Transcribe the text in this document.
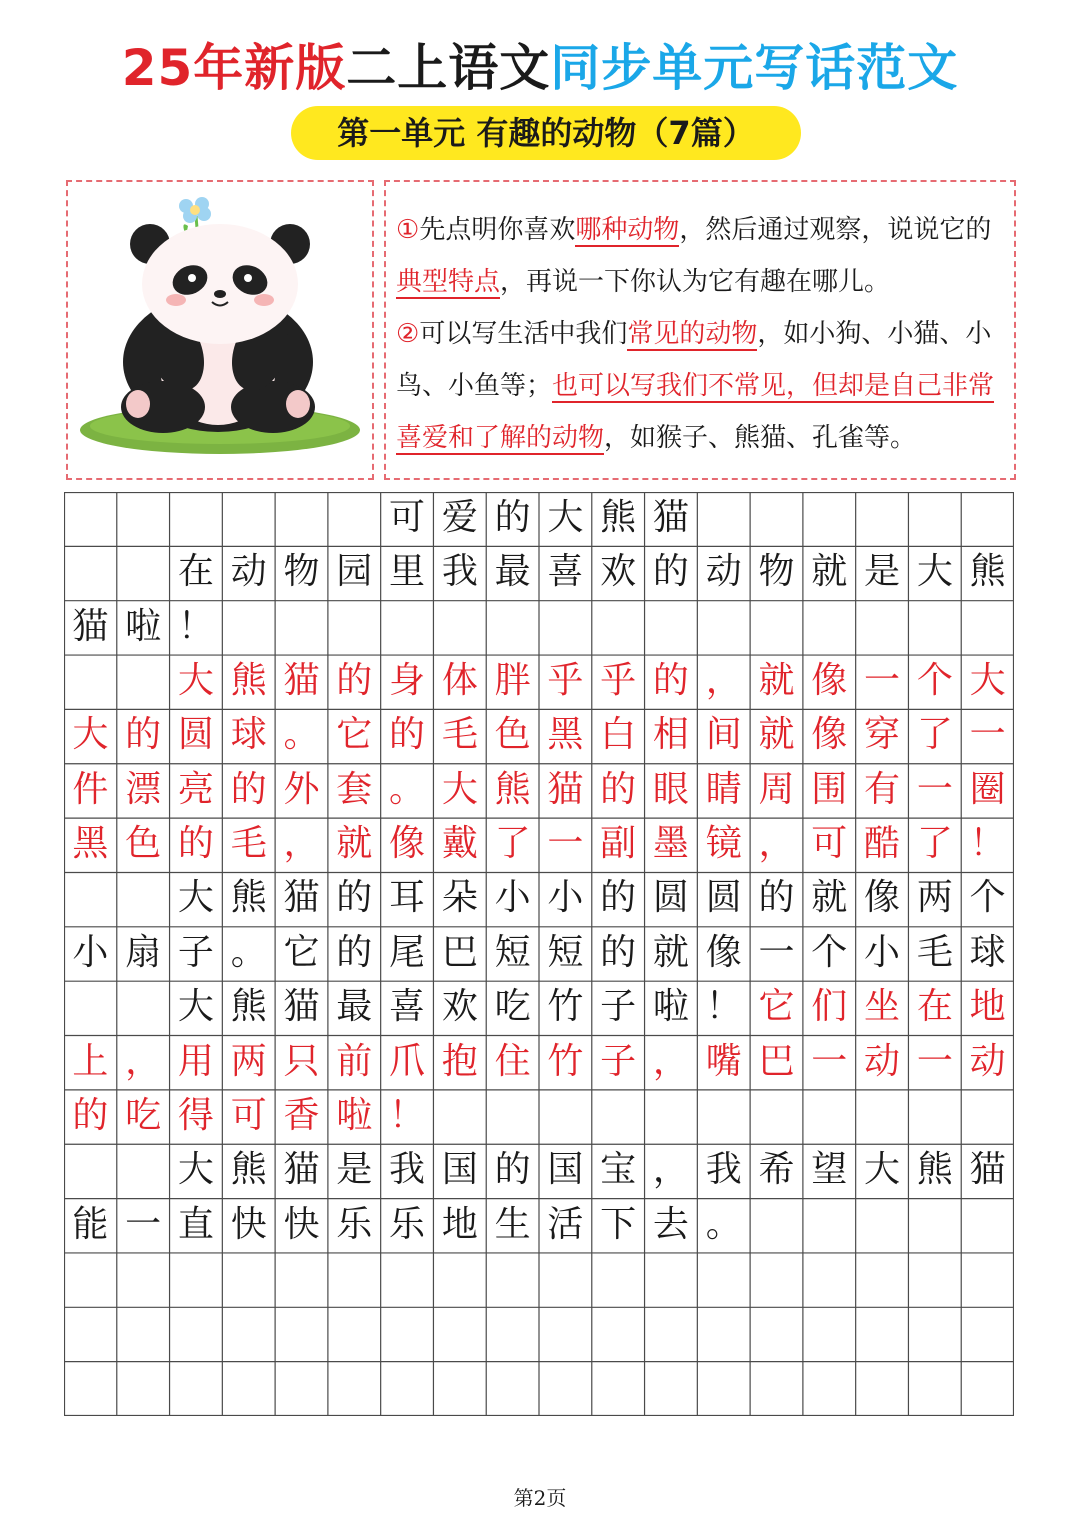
25年新版二上语文同步单元写话范文
第一单元 有趣的动物（7篇）

①先点明你喜欢哪种动物，然后通过观察，说说它的典型特点，再说一下你认为它有趣在哪儿。

②可以写生活中我们常见的动物，如小狗、小猫、小鸟、小鱼等；也可以写我们不常见，但却是自己非常喜爱和了解的动物，如猴子、熊猫、孔雀等。

可 爱 的 大 熊 猫
在 动 物 园 里 我 最 喜 欢 的 动 物 就 是 大 熊
猫 啦 ！
大 熊 猫 的 身 体 胖 乎 乎 的 ， 就 像 一 个 大
大 的 圆 球 。 它 的 毛 色 黑 白 相 间 就 像 穿 了 一
件 漂 亮 的 外 套 。 大 熊 猫 的 眼 睛 周 围 有 一 圈
黑 色 的 毛 ， 就 像 戴 了 一 副 墨 镜 ， 可 酷 了 ！
大 熊 猫 的 耳 朵 小 小 的 圆 圆 的 就 像 两 个
小 扇 子 。 它 的 尾 巴 短 短 的 就 像 一 个 小 毛 球
大 熊 猫 最 喜 欢 吃 竹 子 啦 ！ 它 们 坐 在 地
上 ， 用 两 只 前 爪 抱 住 竹 子 ， 嘴 巴 一 动 一 动
的 吃 得 可 香 啦 ！
大 熊 猫 是 我 国 的 国 宝 ， 我 希 望 大 熊 猫
能 一 直 快 快 乐 乐 地 生 活 下 去 。
第2页
